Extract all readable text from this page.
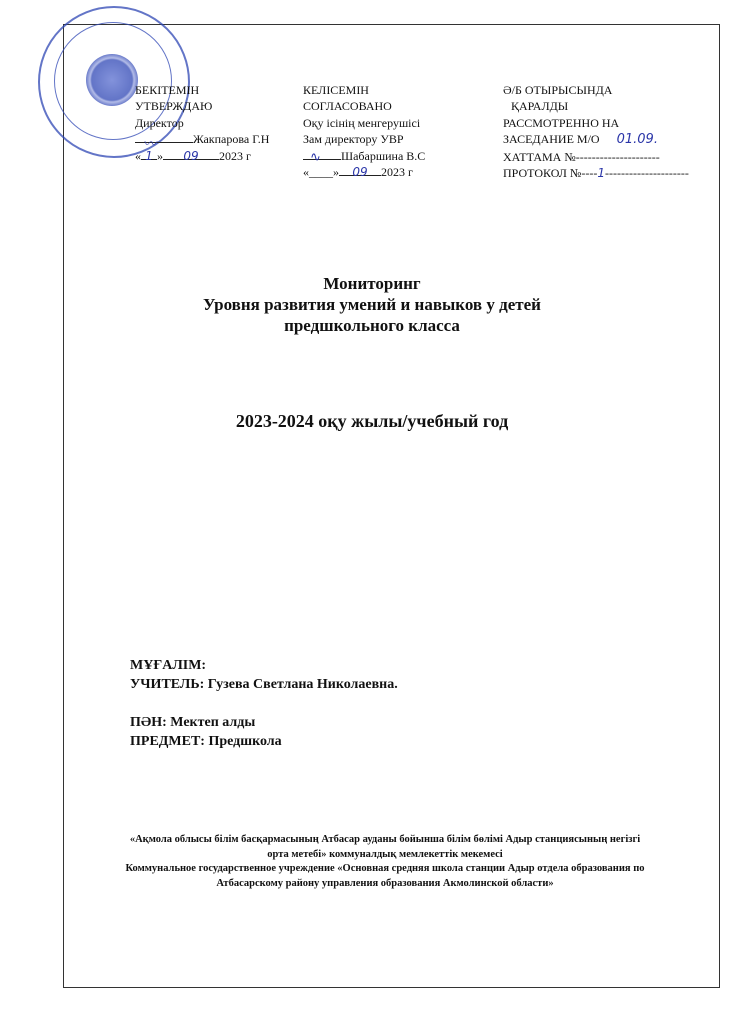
БЕКІТЕМІН
УТВЕРЖДАЮ
Директор
Жакпарова Г.Н
« 1 » 09 2023 г
КЕЛІСЕМІН
СОГЛАСОВАНО
Оқу ісінің менгерушісі
Зам директору УВР
Шабаршина В.С
«____» 09 2023 г
〰
∿
Ә/Б ОТЫРЫСЫНДА
ҚАРАЛДЫ
РАССМОТРЕННО НА
ЗАСЕДАНИЕ М/О 01.09.
ХАТТАМА №---------------------
ПРОТОКОЛ №----1---------------------
Мониторинг
Уровня развития умений и навыков у детей
предшкольного класса
2023-2024 оқу жылы/учебный год
МҰҒАЛІМ:
УЧИТЕЛЬ: Гузева Светлана Николаевна.
ПӘН: Мектеп алды
ПРЕДМЕТ: Предшкола
«Ақмола облысы білім басқармасының Атбасар ауданы бойынша білім бөлімі Адыр станциясының негізгі
орта метебі» коммуналдық мемлекеттік мекемесі
Коммунальное государственное учреждение «Основная средняя школа станции Адыр отдела образования по
Атбасарскому району управления образования Акмолинской области»
